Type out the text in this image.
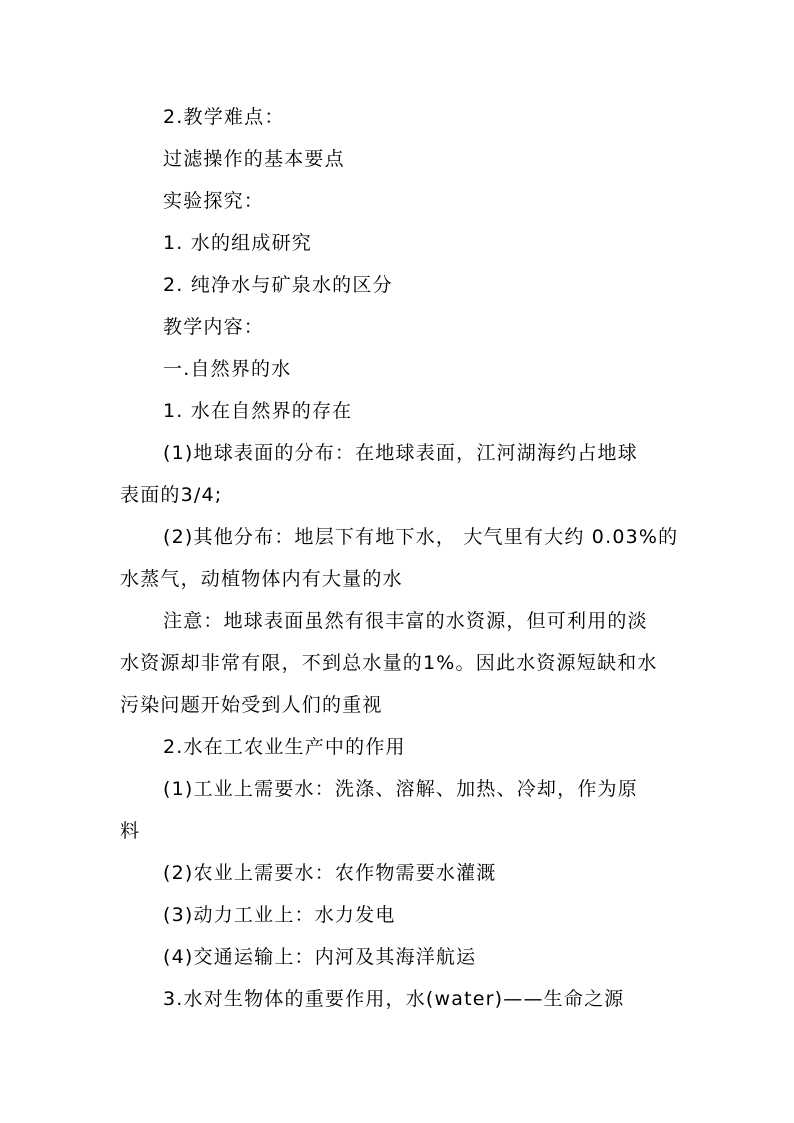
2.教学难点：
过滤操作的基本要点
实验探究：
1. 水的组成研究
2. 纯净水与矿泉水的区分
教学内容：
一.自然界的水
1. 水在自然界的存在
(1)地球表面的分布：在地球表面，江河湖海约占地球
表面的3/4;
(2)其他分布：地层下有地下水， 大气里有大约 0.03%的
水蒸气，动植物体内有大量的水
注意：地球表面虽然有很丰富的水资源，但可利用的淡
水资源却非常有限，不到总水量的1%。因此水资源短缺和水
污染问题开始受到人们的重视
2.水在工农业生产中的作用
(1)工业上需要水：洗涤、溶解、加热、冷却，作为原
料
(2)农业上需要水：农作物需要水灌溉
(3)动力工业上：水力发电
(4)交通运输上：内河及其海洋航运
3.水对生物体的重要作用，水(water)——生命之源
